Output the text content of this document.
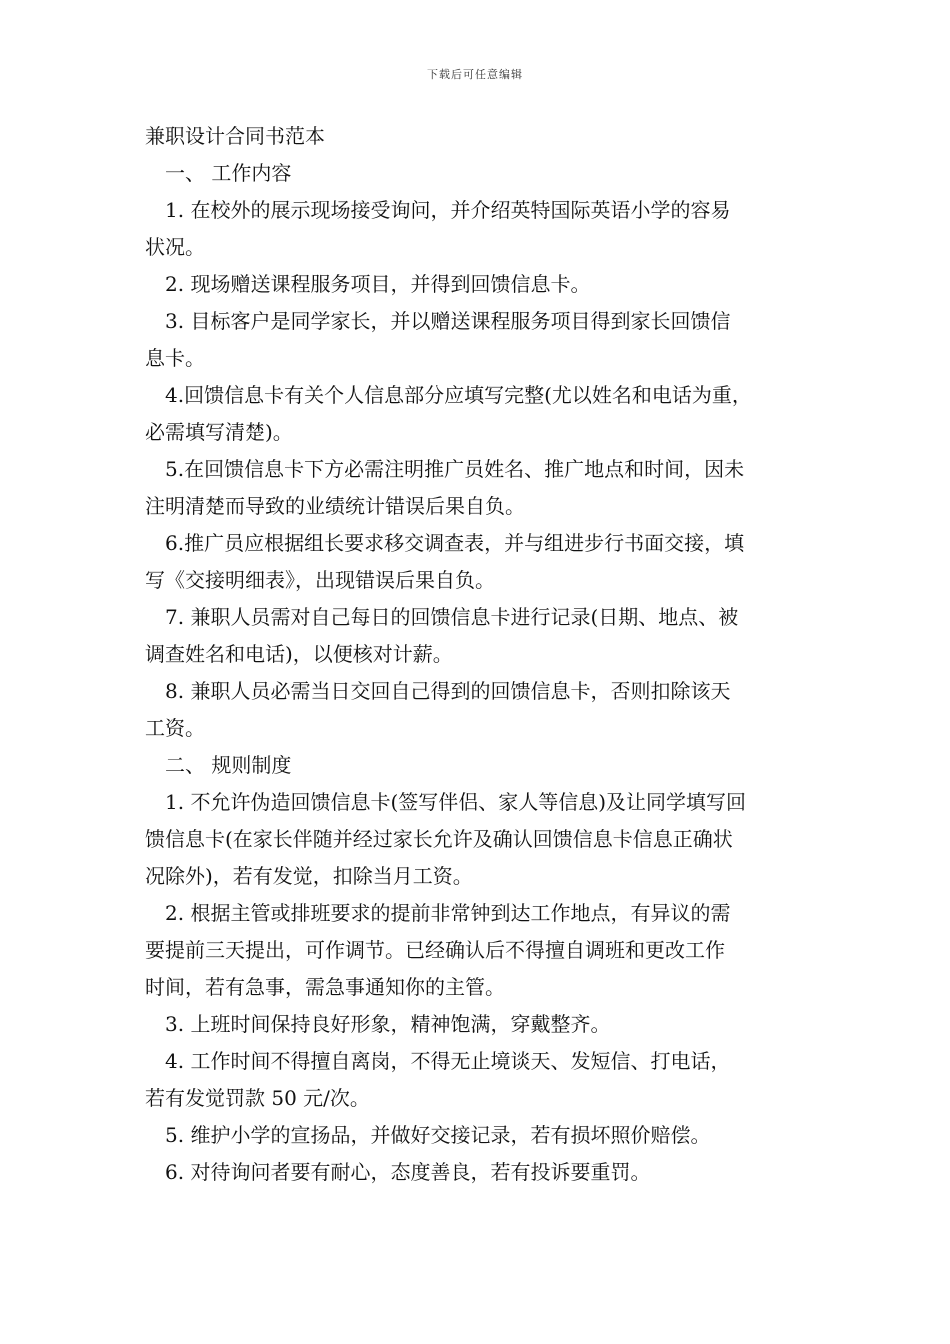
下载后可任意编辑
兼职设计合同书范本
一、 工作内容
1. 在校外的展示现场接受询问，并介绍英特国际英语小学的容易
状况。
2. 现场赠送课程服务项目，并得到回馈信息卡。
3. 目标客户是同学家长，并以赠送课程服务项目得到家长回馈信
息卡。
4.回馈信息卡有关个人信息部分应填写完整(尤以姓名和电话为重，
必需填写清楚)。
5.在回馈信息卡下方必需注明推广员姓名、推广地点和时间，因未
注明清楚而导致的业绩统计错误后果自负。
6.推广员应根据组长要求移交调查表，并与组进步行书面交接，填
写《交接明细表》，出现错误后果自负。
7. 兼职人员需对自己每日的回馈信息卡进行记录(日期、地点、被
调查姓名和电话)，以便核对计薪。
8. 兼职人员必需当日交回自己得到的回馈信息卡，否则扣除该天
工资。
二、 规则制度
1. 不允许伪造回馈信息卡(签写伴侣、家人等信息)及让同学填写回
馈信息卡(在家长伴随并经过家长允许及确认回馈信息卡信息正确状
况除外)，若有发觉，扣除当月工资。
2. 根据主管或排班要求的提前非常钟到达工作地点，有异议的需
要提前三天提出，可作调节。已经确认后不得擅自调班和更改工作
时间，若有急事，需急事通知你的主管。
3. 上班时间保持良好形象，精神饱满，穿戴整齐。
4. 工作时间不得擅自离岗，不得无止境谈天、发短信、打电话，
若有发觉罚款 50 元/次。
5. 维护小学的宣扬品，并做好交接记录，若有损坏照价赔偿。
6. 对待询问者要有耐心，态度善良，若有投诉要重罚。
